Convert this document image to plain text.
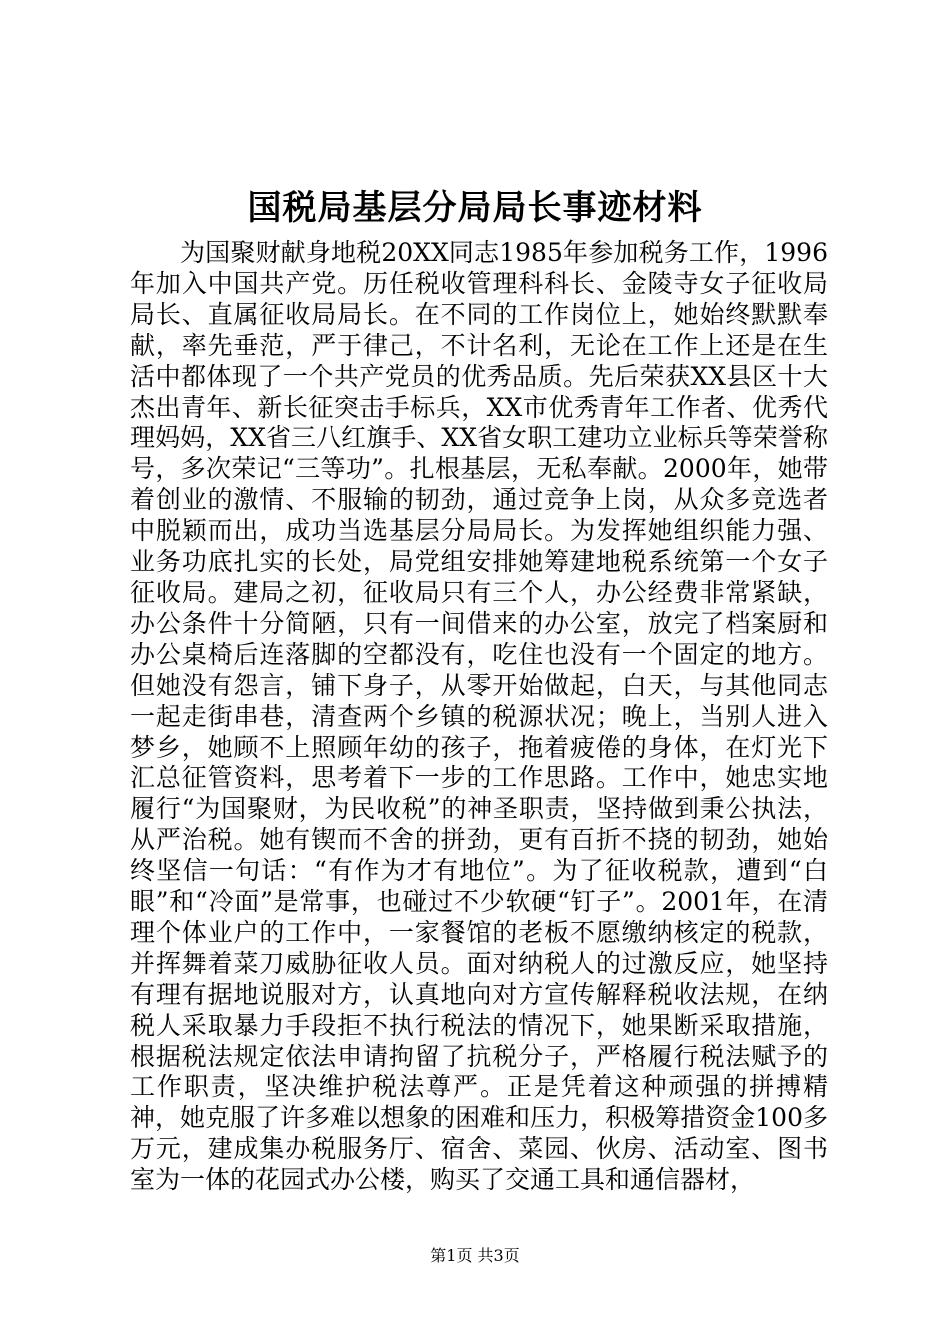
国税局基层分局局长事迹材料

为国聚财献身地税20XX同志1985年参加税务工作，1996年加入中国共产党。历任税收管理科科长、金陵寺女子征收局局长、直属征收局局长。在不同的工作岗位上，她始终默默奉献，率先垂范，严于律己，不计名利，无论在工作上还是在生活中都体现了一个共产党员的优秀品质。先后荣获XX县区十大杰出青年、新长征突击手标兵，XX市优秀青年工作者、优秀代理妈妈，XX省三八红旗手、XX省女职工建功立业标兵等荣誉称号，多次荣记“三等功”。扎根基层，无私奉献。2000年，她带着创业的激情、不服输的韧劲，通过竞争上岗，从众多竞选者中脱颖而出，成功当选基层分局局长。为发挥她组织能力强、业务功底扎实的长处，局党组安排她筹建地税系统第一个女子征收局。建局之初，征收局只有三个人，办公经费非常紧缺，办公条件十分简陋，只有一间借来的办公室，放完了档案厨和办公桌椅后连落脚的空都没有，吃住也没有一个固定的地方。但她没有怨言，铺下身子，从零开始做起，白天，与其他同志一起走街串巷，清查两个乡镇的税源状况；晚上，当别人进入梦乡，她顾不上照顾年幼的孩子，拖着疲倦的身体，在灯光下汇总征管资料，思考着下一步的工作思路。工作中，她忠实地履行“为国聚财，为民收税”的神圣职责，坚持做到秉公执法，从严治税。她有锲而不舍的拼劲，更有百折不挠的韧劲，她始终坚信一句话：“有作为才有地位”。为了征收税款，遭到“白眼”和“冷面”是常事，也碰过不少软硬“钉子”。2001年，在清理个体业户的工作中，一家餐馆的老板不愿缴纳核定的税款，并挥舞着菜刀威胁征收人员。面对纳税人的过激反应，她坚持有理有据地说服对方，认真地向对方宣传解释税收法规，在纳税人采取暴力手段拒不执行税法的情况下，她果断采取措施，根据税法规定依法申请拘留了抗税分子，严格履行税法赋予的工作职责，坚决维护税法尊严。正是凭着这种顽强的拼搏精神，她克服了许多难以想象的困难和压力，积极筹措资金100多万元，建成集办税服务厅、宿舍、菜园、伙房、活动室、图书室为一体的花园式办公楼，购买了交通工具和通信器材，

第1页 共3页
